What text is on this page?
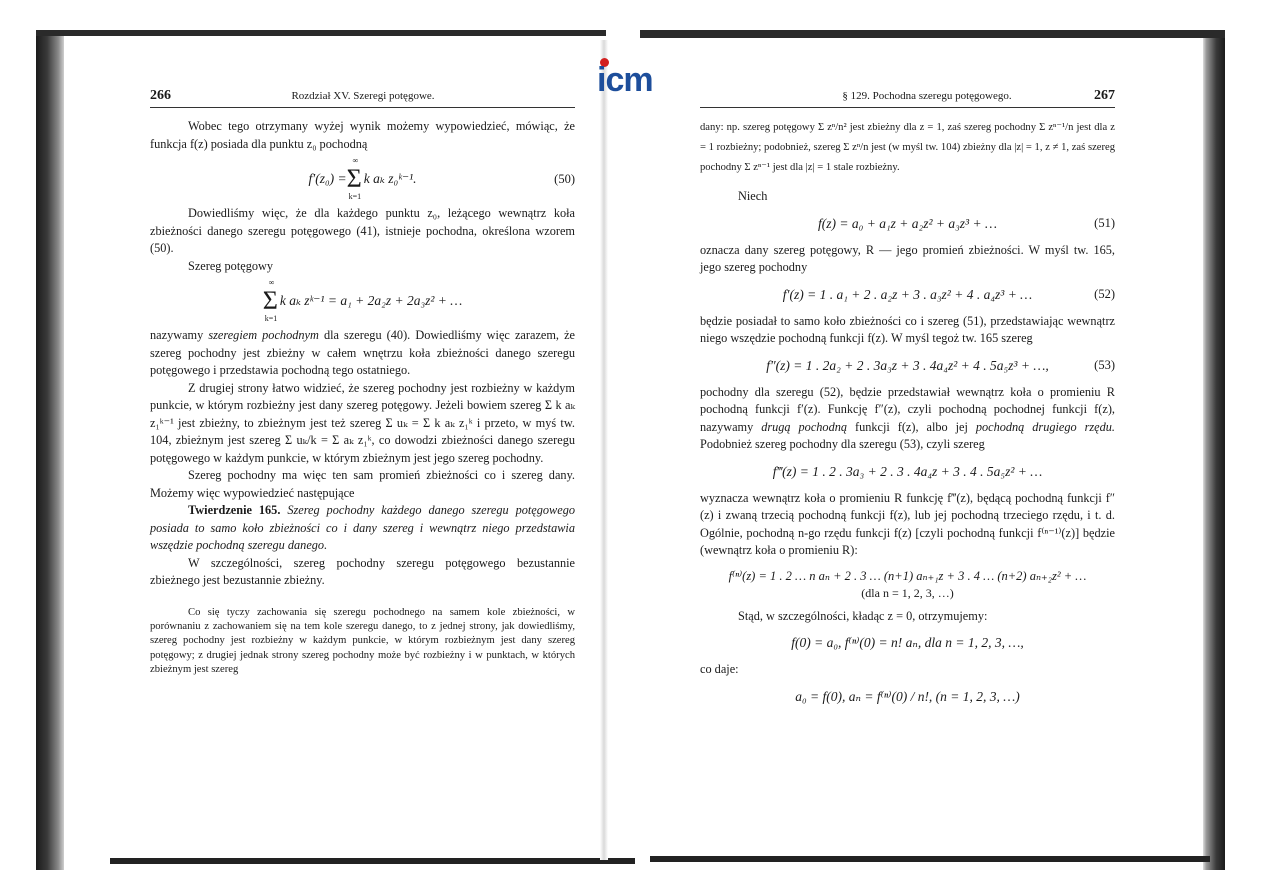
icm
266	Rozdział XV. Szeregi potęgowe.

Wobec tego otrzymany wyżej wynik możemy wypowiedzieć, mówiąc, że funkcja f(z) posiada dla punktu z₀ pochodną

f′(z₀) = Σ
∞
k=1
k aₖ z₀ᵏ⁻¹.	(50)

Dowiedliśmy więc, że dla każdego punktu z₀, leżącego wewnątrz koła zbieżności danego szeregu potęgowego (41), istnieje pochodna, określona wzorem (50).

Szereg potęgowy

Σ
∞
k=1
k aₖ zᵏ⁻¹ = a₁ + 2a₂z + 2a₃z² + …

nazywamy szeregiem pochodnym dla szeregu (40). Dowiedliśmy więc zarazem, że szereg pochodny jest zbieżny w całem wnętrzu koła zbieżności danego szeregu potęgowego i przedstawia pochodną tego ostatniego.

Z drugiej strony łatwo widzieć, że szereg pochodny jest rozbieżny w każdym punkcie, w którym rozbieżny jest dany szereg potęgowy. Jeżeli bowiem szereg Σ k aₖ z₁ᵏ⁻¹ jest zbieżny, to zbieżnym jest też szereg Σ uₖ = Σ k aₖ z₁ᵏ i przeto, w myś tw. 104, zbieżnym jest szereg Σ uₖ/k = Σ aₖ z₁ᵏ, co dowodzi zbieżności danego szeregu potęgowego w każdym punkcie, w którym zbieżnym jest jego szereg pochodny.

Szereg pochodny ma więc ten sam promień zbieżności co i szereg dany. Możemy więc wypowiedzieć następujące

Twierdzenie 165. Szereg pochodny każdego danego szeregu potęgowego posiada to samo koło zbieżności co i dany szereg i wewnątrz niego przedstawia wszędzie pochodną szeregu danego.

W szczególności, szereg pochodny szeregu potęgowego bezustannie zbieżnego jest bezustannie zbieżny.

Co się tyczy zachowania się szeregu pochodnego na samem kole zbieżności, w porównaniu z zachowaniem się na tem kole szeregu danego, to z jednej strony, jak dowiedliśmy, szereg pochodny jest rozbieżny w każdym punkcie, w którym rozbieżnym jest dany szereg potęgowy; z drugiej jednak strony szereg pochodny może być rozbieżny i w punktach, w których zbieżnym jest szereg

§ 129. Pochodna szeregu potęgowego.	267

dany: np. szereg potęgowy Σ zⁿ/n² jest zbieżny dla z = 1, zaś szereg pochodny Σ zⁿ⁻¹/n jest dla z = 1 rozbieżny; podobnież, szereg Σ zⁿ/n jest (w myśl tw. 104) zbieżny dla |z| = 1, z ≠ 1, zaś szereg pochodny Σ zⁿ⁻¹ jest dla |z| = 1 stale rozbieżny.

Niech

f(z) = a₀ + a₁z + a₂z² + a₃z³ + …	(51)

oznacza dany szereg potęgowy, R — jego promień zbieżności. W myśl tw. 165, jego szereg pochodny

f′(z) = 1 . a₁ + 2 . a₂z + 3 . a₃z² + 4 . a₄z³ + …	(52)

będzie posiadał to samo koło zbieżności co i szereg (51), przedstawiając wewnątrz niego wszędzie pochodną funkcji f(z). W myśl tegoż tw. 165 szereg

f″(z) = 1 . 2a₂ + 2 . 3a₃z + 3 . 4a₄z² + 4 . 5a₅z³ + …,	(53)

pochodny dla szeregu (52), będzie przedstawiał wewnątrz koła o promieniu R pochodną funkcji f′(z). Funkcję f″(z), czyli pochodną pochodnej funkcji f(z), nazywamy drugą pochodną funkcji f(z), albo jej pochodną drugiego rzędu. Podobnież szereg pochodny dla szeregu (53), czyli szereg

f‴(z) = 1 . 2 . 3a₃ + 2 . 3 . 4a₄z + 3 . 4 . 5a₅z² + …

wyznacza wewnątrz koła o promieniu R funkcję f‴(z), będącą pochodną funkcji f″(z) i zwaną trzecią pochodną funkcji f(z), lub jej pochodną trzeciego rzędu, i t. d. Ogólnie, pochodną n-go rzędu funkcji f(z) [czyli pochodną funkcji f⁽ⁿ⁻¹⁾(z)] będzie (wewnątrz koła o promieniu R):

f⁽ⁿ⁾(z) = 1 . 2 … n aₙ + 2 . 3 … (n+1) aₙ₊₁z + 3 . 4 … (n+2) aₙ₊₂z² + …
(dla n = 1, 2, 3, …)

Stąd, w szczególności, kładąc z = 0, otrzymujemy:

f(0) = a₀, f⁽ⁿ⁾(0) = n! aₙ, dla n = 1, 2, 3, …,

co daje:

a₀ = f(0), aₙ = f⁽ⁿ⁾(0) / n!, (n = 1, 2, 3, …)
